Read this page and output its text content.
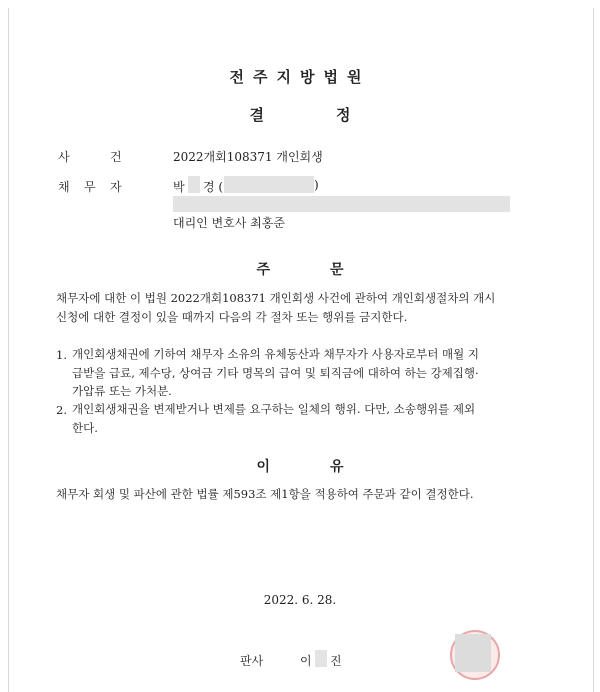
전주지방법원
결	정
사	건	2022개회108371 개인회생
채 무 자	박 경 (	)
대리인 변호사 최홍준
주	문
채무자에 대한 이 법원 2022개회108371 개인회생 사건에 관하여 개인회생절차의 개시
신청에 대한 결정이 있을 때까지 다음의 각 절차 또는 행위를 금지한다.
1. 개인회생채권에 기하여 채무자 소유의 유체동산과 채무자가 사용자로부터 매월 지
급받을 급료, 제수당, 상여금 기타 명목의 급여 및 퇴직금에 대하여 하는 강제집행·
가압류 또는 가처분.
2. 개인회생채권을 변제받거나 변제를 요구하는 일체의 행위. 다만, 소송행위를 제외
한다.
이	유
채무자 회생 및 파산에 관한 법률 제593조 제1항을 적용하여 주문과 같이 결정한다.
2022. 6. 28.
판사	이 진
